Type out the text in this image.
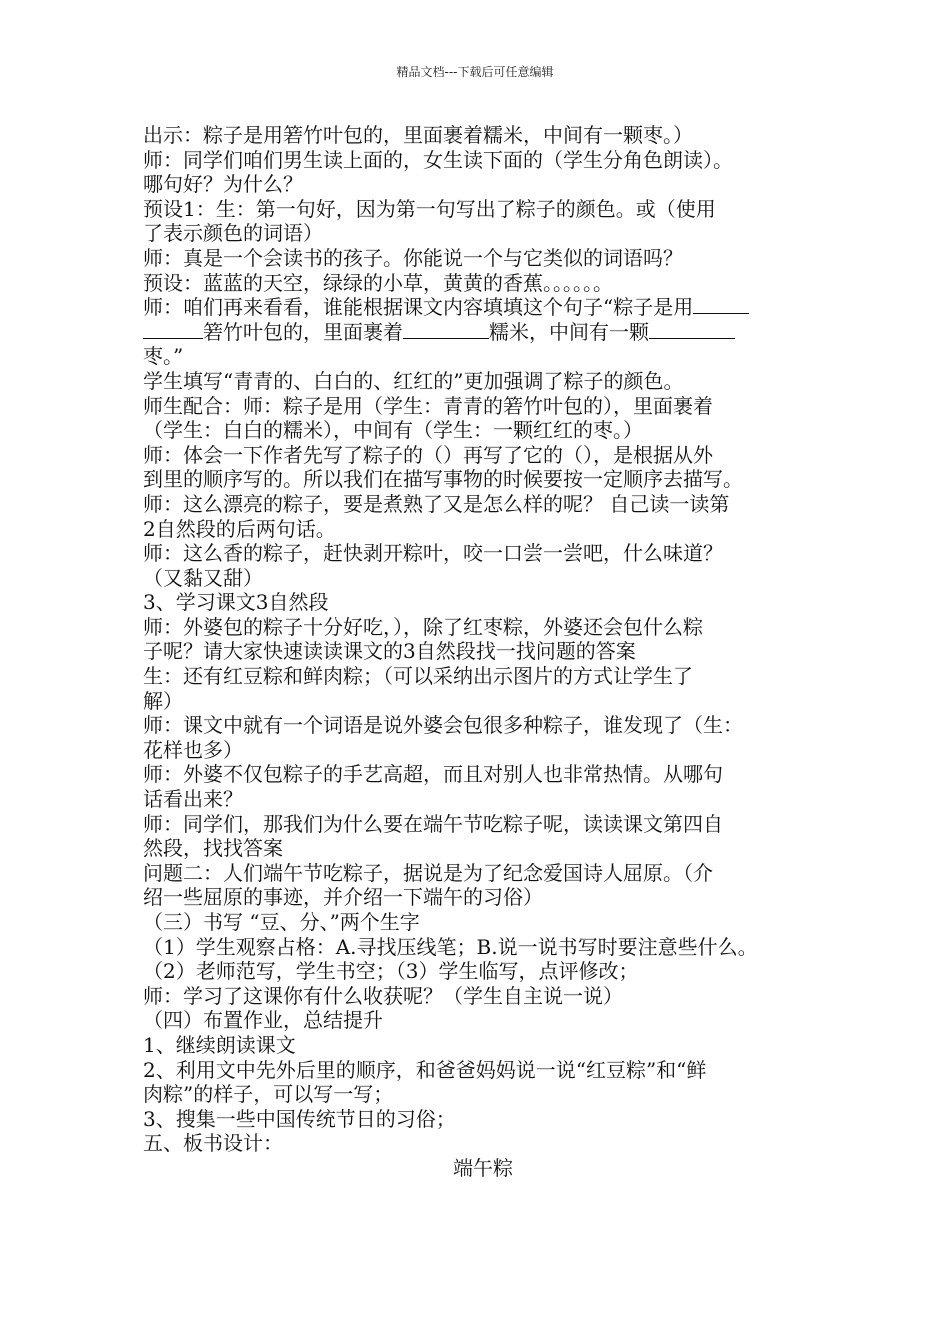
精品文档---下载后可任意编辑
出示：粽子是用箬竹叶包的，里面裹着糯米，中间有一颗枣。）
师：同学们咱们男生读上面的，女生读下面的（学生分角色朗读）。
哪句好？为什么？
预设1：生：第一句好，因为第一句写出了粽子的颜色。或（使用
了表示颜色的词语）
师：真是一个会读书的孩子。你能说一个与它类似的词语吗？
预设：蓝蓝的天空，绿绿的小草，黄黄的香蕉。。。。。。
师：咱们再来看看，谁能根据课文内容填填这个句子“粽子是用
箬竹叶包的，里面裹着	糯米，中间有一颗
枣。”
学生填写“青青的、白白的、红红的”更加强调了粽子的颜色。
师生配合：师：粽子是用（学生：青青的箬竹叶包的），里面裹着
（学生：白白的糯米），中间有（学生：一颗红红的枣。）
师：体会一下作者先写了粽子的（）再写了它的（），是根据从外
到里的顺序写的。所以我们在描写事物的时候要按一定顺序去描写。
师：这么漂亮的粽子，要是煮熟了又是怎么样的呢？ 自己读一读第
2自然段的后两句话。
师：这么香的粽子，赶快剥开粽叶，咬一口尝一尝吧，什么味道？
（又黏又甜）
3、学习课文3自然段
师：外婆包的粽子十分好吃，），除了红枣粽，外婆还会包什么粽
子呢？请大家快速读读课文的3自然段找一找问题的答案
生：还有红豆粽和鲜肉粽；（可以采纳出示图片的方式让学生了
解）
师：课文中就有一个词语是说外婆会包很多种粽子，谁发现了（生：
花样也多）
师：外婆不仅包粽子的手艺高超，而且对别人也非常热情。从哪句
话看出来？
师：同学们，那我们为什么要在端午节吃粽子呢，读读课文第四自
然段，找找答案
问题二：人们端午节吃粽子，据说是为了纪念爱国诗人屈原。（介
绍一些屈原的事迹，并介绍一下端午的习俗）
（三）书写 “豆、分、”两个生字
（1）学生观察占格：A.寻找压线笔；B.说一说书写时要注意些什么。
（2）老师范写，学生书空；（3）学生临写，点评修改；
师：学习了这课你有什么收获呢？（学生自主说一说）
（四）布置作业，总结提升
1、继续朗读课文
2、利用文中先外后里的顺序，和爸爸妈妈说一说“红豆粽”和“鲜
肉粽”的样子，可以写一写；
3、搜集一些中国传统节日的习俗；
五、板书设计：
端午粽
